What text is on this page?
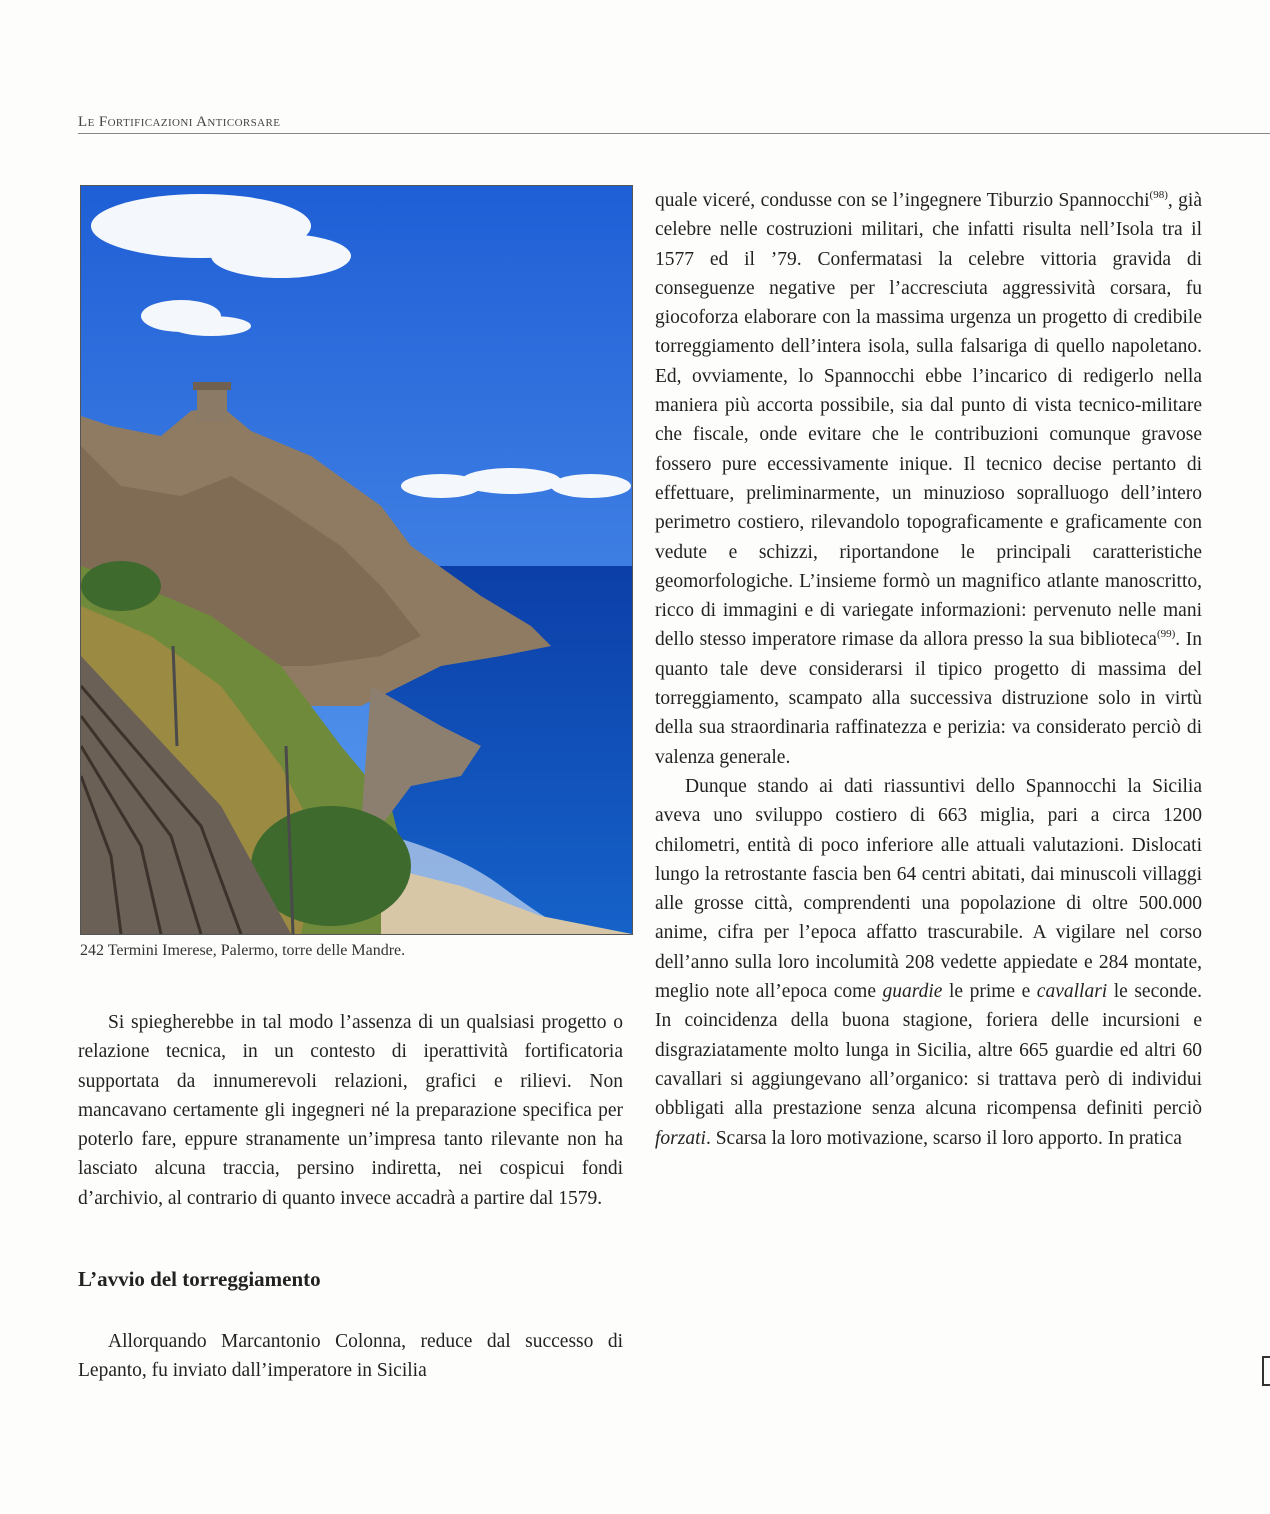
Le Fortificazioni Anticorsare
242 Termini Imerese, Palermo, torre delle Mandre.

Si spiegherebbe in tal modo l’assenza di un qualsiasi progetto o relazione tecnica, in un contesto di iperattività fortificatoria supportata da innumerevoli relazioni, grafici e rilievi. Non mancavano certamente gli ingegneri né la preparazione specifica per poterlo fare, eppure stranamente un’impresa tanto rilevante non ha lasciato alcuna traccia, persino indiretta, nei cospicui fondi d’archivio, al contrario di quanto invece accadrà a partire dal 1579.

L’avvio del torreggiamento

Allorquando Marcantonio Colonna, reduce dal successo di Lepanto, fu inviato dall’imperatore in Sicilia

quale viceré, condusse con se l’ingegnere Tiburzio Spannocchi$^{(98)}$, già celebre nelle costruzioni militari, che infatti risulta nell’Isola tra il 1577 ed il ’79. Confermatasi la celebre vittoria gravida di conseguenze negative per l’accresciuta aggressività corsara, fu giocoforza elaborare con la massima urgenza un progetto di credibile torreggiamento dell’intera isola, sulla falsariga di quello napoletano. Ed, ovviamente, lo Spannocchi ebbe l’incarico di redigerlo nella maniera più accorta possibile, sia dal punto di vista tecnico-militare che fiscale, onde evitare che le contribuzioni comunque gravose fossero pure eccessivamente inique. Il tecnico decise pertanto di effettuare, preliminarmente, un minuzioso sopralluogo dell’intero perimetro costiero, rilevandolo topograficamente e graficamente con vedute e schizzi, riportandone le principali caratteristiche geomorfologiche. L’insieme formò un magnifico atlante manoscritto, ricco di immagini e di variegate informazioni: pervenuto nelle mani dello stesso imperatore rimase da allora presso la sua biblioteca$^{(99)}$. In quanto tale deve considerarsi il tipico progetto di massima del torreggiamento, scampato alla successiva distruzione solo in virtù della sua straordinaria raffinatezza e perizia: va considerato perciò di valenza generale.

Dunque stando ai dati riassuntivi dello Spannocchi la Sicilia aveva uno sviluppo costiero di 663 miglia, pari a circa 1200 chilometri, entità di poco inferiore alle attuali valutazioni. Dislocati lungo la retrostante fascia ben 64 centri abitati, dai minuscoli villaggi alle grosse città, comprendenti una popolazione di oltre 500.000 anime, cifra per l’epoca affatto trascurabile. A vigilare nel corso dell’anno sulla loro incolumità 208 vedette appiedate e 284 montate, meglio note all’epoca come guardie le prime e cavallari le seconde. In coincidenza della buona stagione, foriera delle incursioni e disgraziatamente molto lunga in Sicilia, altre 665 guardie ed altri 60 cavallari si aggiungevano all’organico: si trattava però di individui obbligati alla prestazione senza alcuna ricompensa definiti perciò forzati. Scarsa la loro motivazione, scarso il loro apporto. In pratica
